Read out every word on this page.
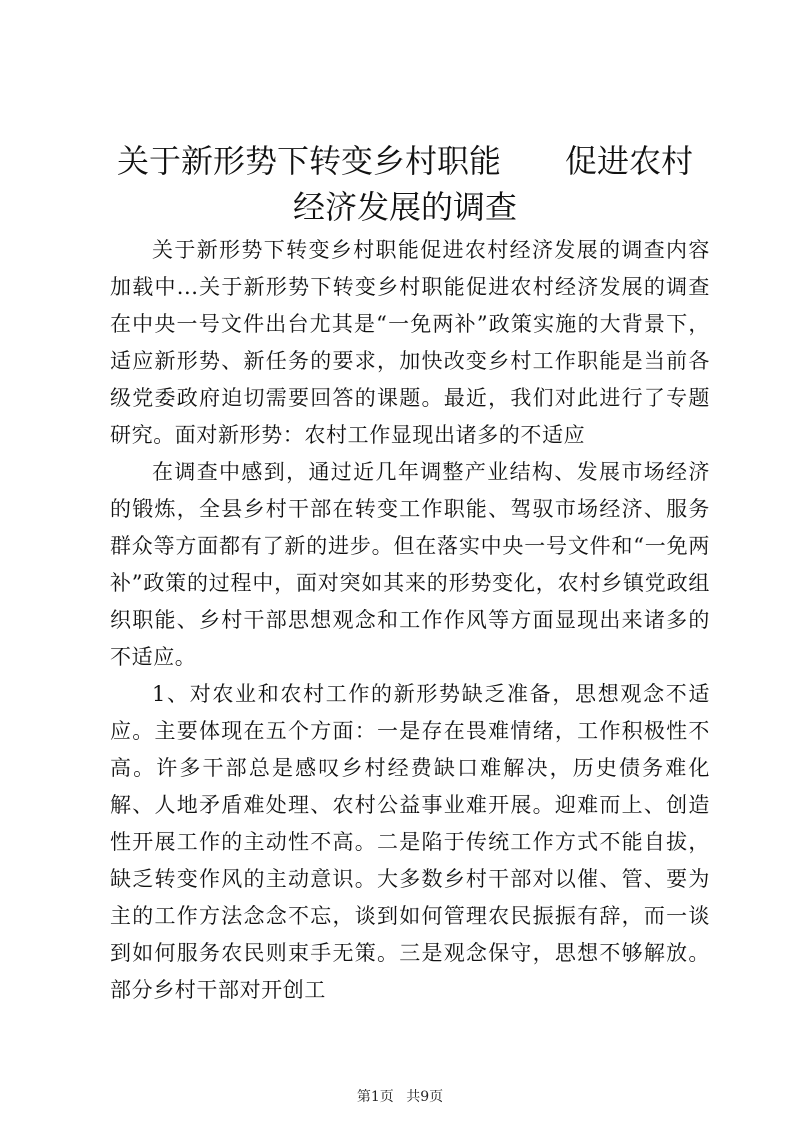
关于新形势下转变乡村职能 促进农村经济发展的调查

关于新形势下转变乡村职能促进农村经济发展的调查内容加载中...关于新形势下转变乡村职能促进农村经济发展的调查在中央一号文件出台尤其是“一免两补”政策实施的大背景下，适应新形势、新任务的要求，加快改变乡村工作职能是当前各级党委政府迫切需要回答的课题。最近，我们对此进行了专题研究。面对新形势：农村工作显现出诸多的不适应

在调查中感到，通过近几年调整产业结构、发展市场经济的锻炼，全县乡村干部在转变工作职能、驾驭市场经济、服务群众等方面都有了新的进步。但在落实中央一号文件和“一免两补”政策的过程中，面对突如其来的形势变化，农村乡镇党政组织职能、乡村干部思想观念和工作作风等方面显现出来诸多的不适应。

1、对农业和农村工作的新形势缺乏准备，思想观念不适应。主要体现在五个方面：一是存在畏难情绪，工作积极性不高。许多干部总是感叹乡村经费缺口难解决，历史债务难化解、人地矛盾难处理、农村公益事业难开展。迎难而上、创造性开展工作的主动性不高。二是陷于传统工作方式不能自拔，缺乏转变作风的主动意识。大多数乡村干部对以催、管、要为主的工作方法念念不忘，谈到如何管理农民振振有辞，而一谈到如何服务农民则束手无策。三是观念保守，思想不够解放。部分乡村干部对开创工

第1页 共9页
